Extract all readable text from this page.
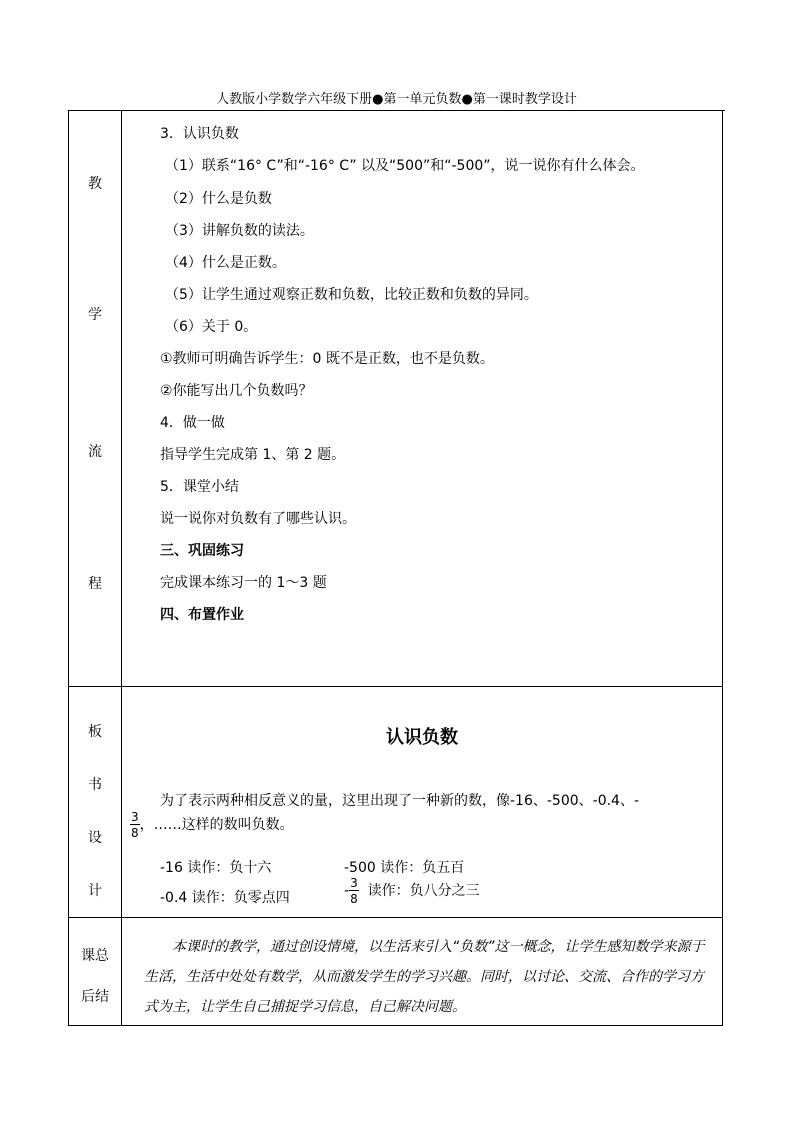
人教版小学数学六年级下册●第一单元负数●第一课时教学设计
教
学
流
程
3．认识负数
（1）联系“16° C”和“-16° C” 以及“500”和“-500”，说一说你有什么体会。
（2）什么是负数
（3）讲解负数的读法。
（4）什么是正数。
（5）让学生通过观察正数和负数，比较正数和负数的异同。
（6）关于 0。
①教师可明确告诉学生：0 既不是正数，也不是负数。
②你能写出几个负数吗？
4．做一做
指导学生完成第 1、第 2 题。
5．课堂小结
说一说你对负数有了哪些认识。
三、巩固练习
完成课本练习一的 1～3 题
四、布置作业
板
书
设
计
认识负数
为了表示两种相反意义的量，这里出现了一种新的数，像-16、-500、-0.4、-
$\frac{3}{8}$ ，……这样的数叫负数。
-16 读作：负十六	-500 读作：负五百
-0.4 读作：负零点四	- $\frac{3}{8}$ 读作：负八分之三
课总
后结
本课时的教学，通过创设情境，以生活来引入“负数”这一概念，让学生感知数学来源于生活，生活中处处有数学，从而激发学生的学习兴趣。同时，以讨论、交流、合作的学习方式为主，让学生自己捕捉学习信息，自己解决问题。
